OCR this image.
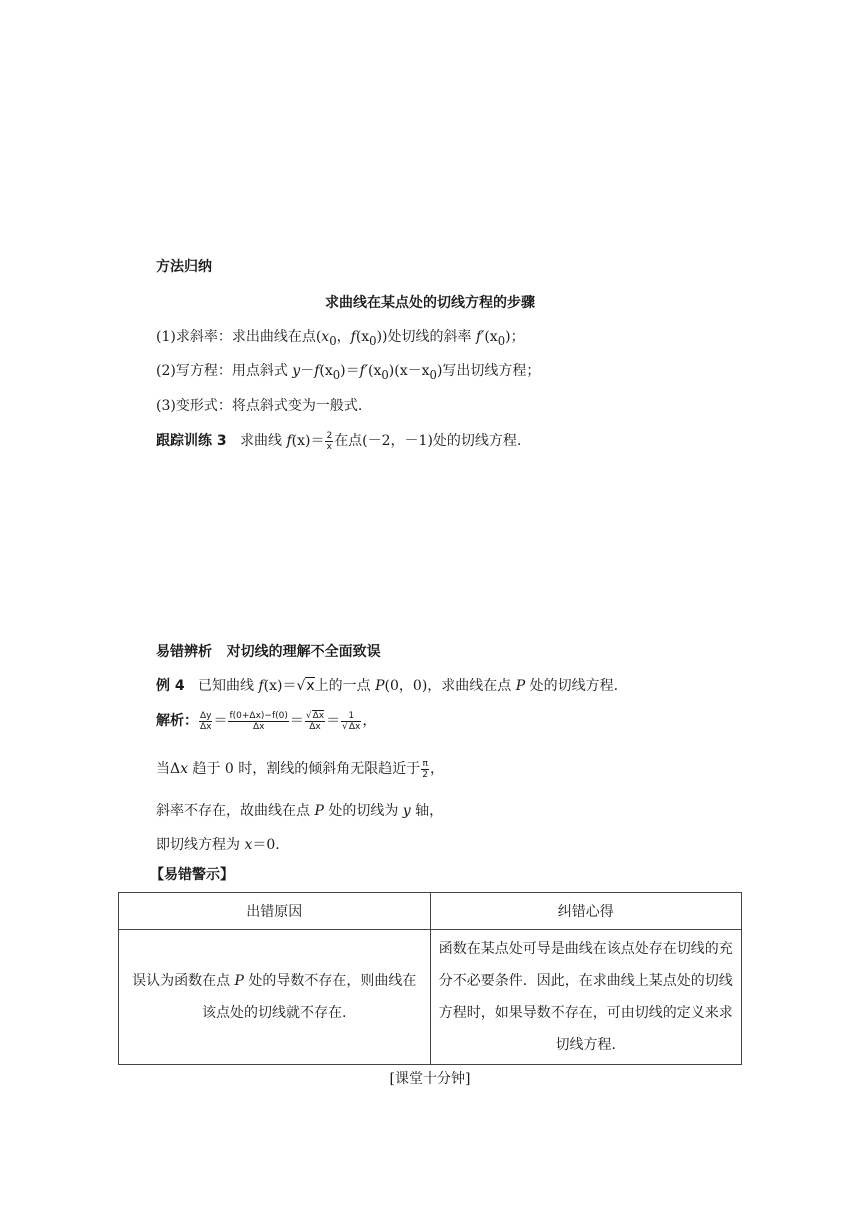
方法归纳
求曲线在某点处的切线方程的步骤
(1)求斜率：求出曲线在点($x_0$，$f(x_0)$)处切线的斜率 $f'(x_0)$；
(2)写方程：用点斜式 $y-f(x_0)=f'(x_0)(x-x_0)$写出切线方程；
(3)变形式：将点斜式变为一般式.
跟踪训练 3 求曲线 $f(x)= \frac{2}{x}$ 在点(－2，－1)处的切线方程.
易错辨析 对切线的理解不全面致误
例 4 已知曲线 f(x)＝√x上的一点 P(0，0)，求曲线在点 P 处的切线方程.
解析： $\frac{\Delta y}{\Delta x} = \frac{f(0+\Delta x)-f(0)}{\Delta x} = \frac{√\Delta x}{\Delta x} = \frac{1}{√\Delta x}$ ，
当Δx 趋于 0 时，割线的倾斜角无限趋近于 $\frac{\pi}{2}$ ，
斜率不存在，故曲线在点 P 处的切线为 y 轴，
即切线方程为 x＝0.
【易错警示】
出错原因	纠错心得
误认为函数在点 P 处的导数不存在，则曲线在该点处的切线就不存在.	函数在某点处可导是曲线在该点处存在切线的充分不必要条件．因此，在求曲线上某点处的切线方程时，如果导数不存在，可由切线的定义来求切线方程.
[课堂十分钟]
